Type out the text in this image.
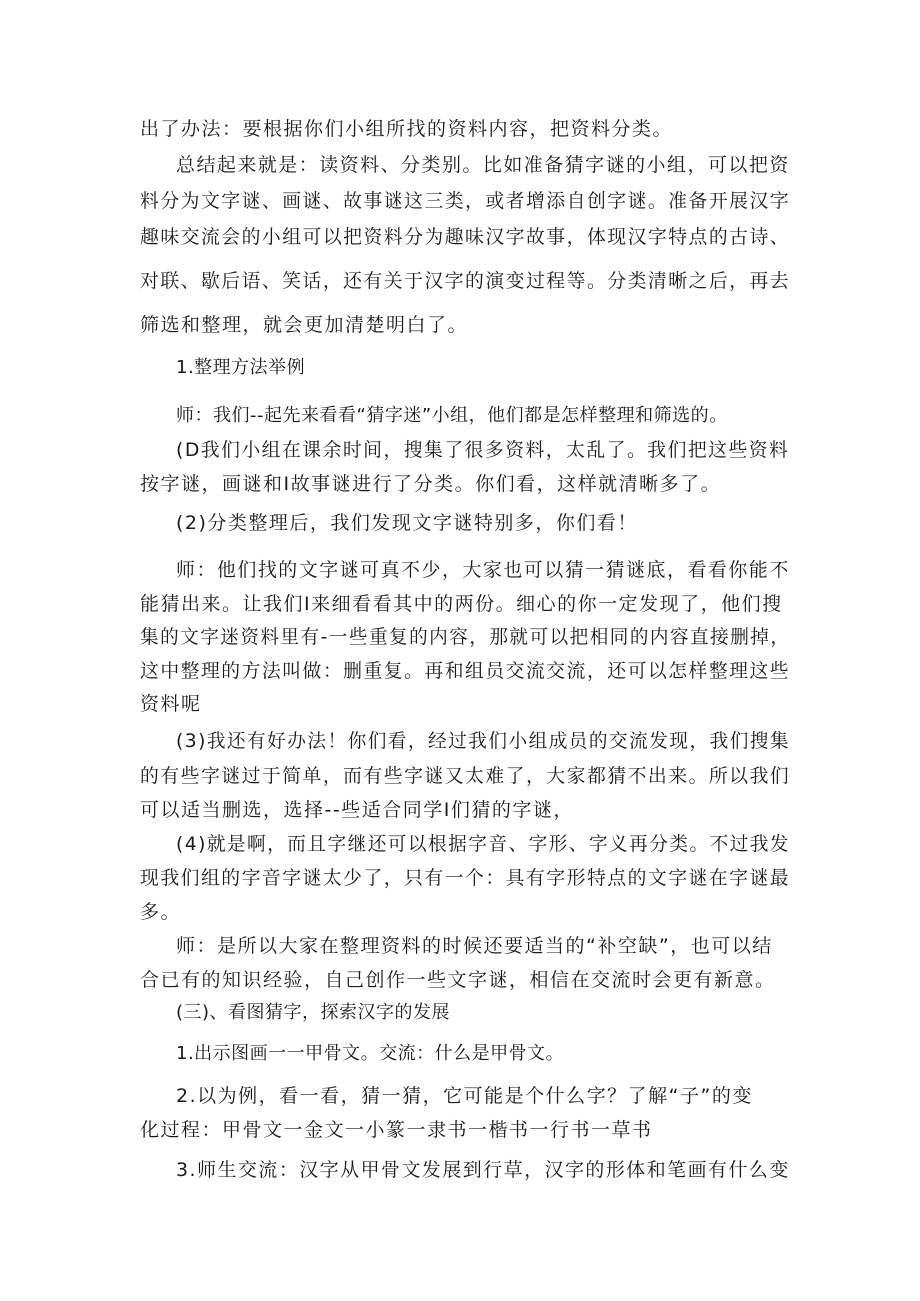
出了办法：要根据你们小组所找的资料内容，把资料分类。
总结起来就是：读资料、分类别。比如准备猜字谜的小组，可以把资
料分为文字谜、画谜、故事谜这三类，或者增添自创字谜。准备开展汉字
趣味交流会的小组可以把资料分为趣味汉字故事，体现汉字特点的古诗、
对联、歇后语、笑话，还有关于汉字的演变过程等。分类清晰之后，再去
筛选和整理，就会更加清楚明白了。
1.整理方法举例
师：我们--起先来看看“猜字迷”小组，他们都是怎样整理和筛选的。
(D我们小组在课余时间，搜集了很多资料，太乱了。我们把这些资料
按字谜，画谜和I故事谜进行了分类。你们看，这样就清晰多了。
(2)分类整理后，我们发现文字谜特别多，你们看！
师：他们找的文字谜可真不少，大家也可以猜一猜谜底，看看你能不
能猜出来。让我们I来细看看其中的两份。细心的你一定发现了，他们搜
集的文字迷资料里有-一些重复的内容，那就可以把相同的内容直接删掉，
这中整理的方法叫做：删重复。再和组员交流交流，还可以怎样整理这些
资料呢
(3)我还有好办法！你们看，经过我们小组成员的交流发现，我们搜集
的有些字谜过于简单，而有些字谜又太难了，大家都猜不出来。所以我们
可以适当删选，选择--些适合同学I们猜的字谜，
(4)就是啊，而且字继还可以根据字音、字形、字义再分类。不过我发
现我们组的字音字谜太少了，只有一个：具有字形特点的文字谜在字谜最
多。
师：是所以大家在整理资料的时候还要适当的“补空缺”，也可以结
合已有的知识经验，自己创作一些文字谜，相信在交流时会更有新意。
(三)、看图猜字，探索汉字的发展
1.出示图画一一甲骨文。交流：什么是甲骨文。
2.以为例，看一看，猜一猜，它可能是个什么字？了解“子”的变
化过程：甲骨文一金文一小篆一隶书一楷书一行书一草书
3.师生交流：汉字从甲骨文发展到行草，汉字的形体和笔画有什么变
